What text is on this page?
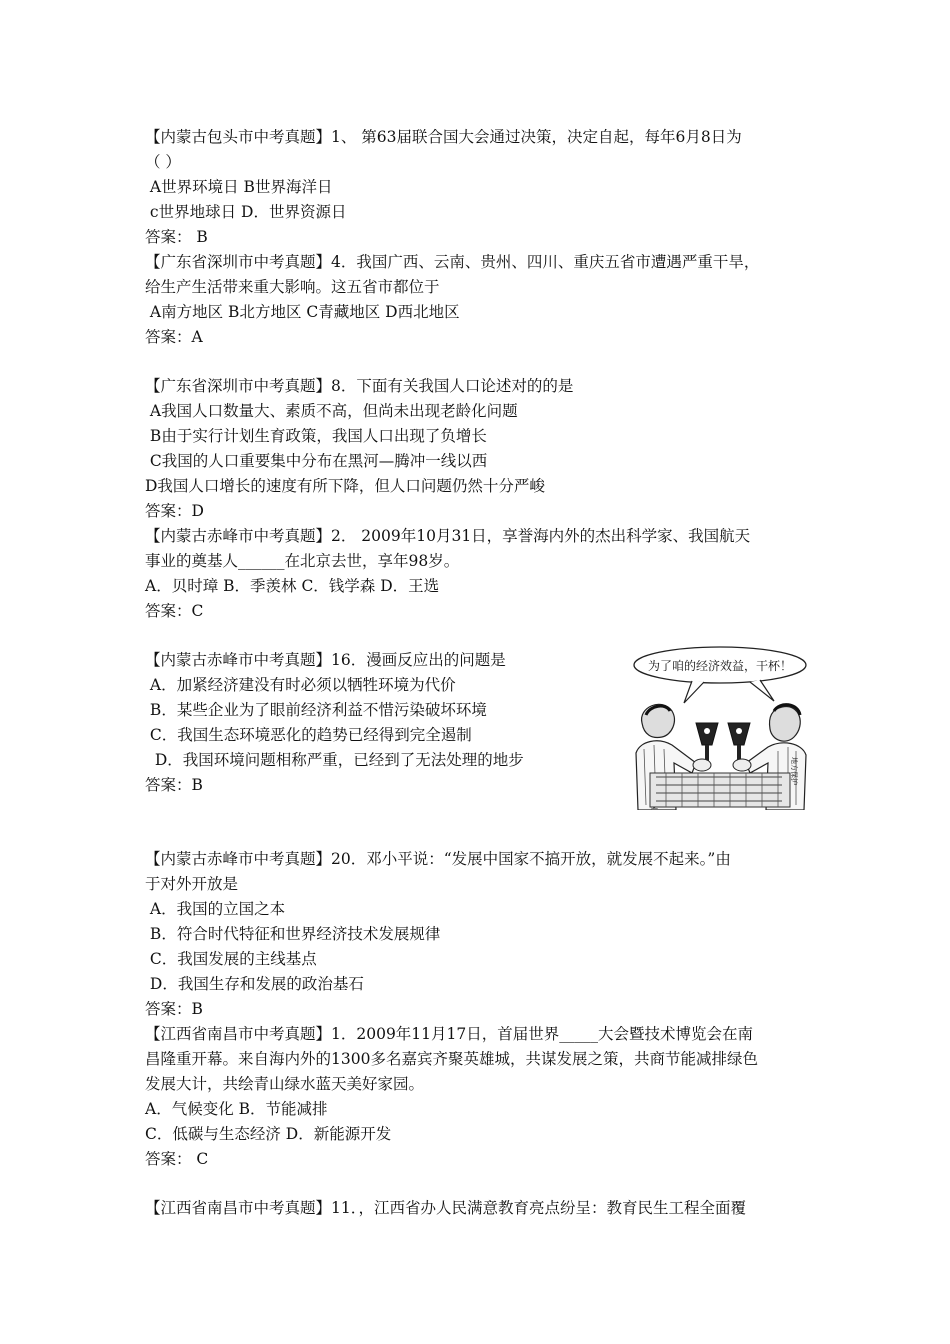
【内蒙古包头市中考真题】1、 第63届联合国大会通过决策，决定自起，每年6月8日为
（ ）
A世界环境日 B世界海洋日
c世界地球日 D．世界资源日
答案： B
【广东省深圳市中考真题】4．我国广西、云南、贵州、四川、重庆五省市遭遇严重干旱，
给生产生活带来重大影响。这五省市都位于
A南方地区 B北方地区 C青藏地区 D西北地区
答案：A
【广东省深圳市中考真题】8．下面有关我国人口论述对的的是
A我国人口数量大、素质不高，但尚未出现老龄化问题
B由于实行计划生育政策，我国人口出现了负增长
C我国的人口重要集中分布在黑河—腾冲一线以西
D我国人口增长的速度有所下降，但人口问题仍然十分严峻
答案：D
【内蒙古赤峰市中考真题】2． 2009年10月31日，享誉海内外的杰出科学家、我国航天
事业的奠基人______在北京去世，享年98岁。
A．贝时璋 B．季羡林 C．钱学森 D．王选
答案：C
【内蒙古赤峰市中考真题】16．漫画反应出的问题是
A．加紧经济建没有时必须以牺牲环境为代价
B．某些企业为了眼前经济利益不惜污染破坏环境
C．我国生态环境恶化的趋势已经得到完全遏制
D．我国环境问题相称严重，已经到了无法处理的地步
答案：B
【内蒙古赤峰市中考真题】20．邓小平说：“发展中国家不搞开放，就发展不起来。”由
于对外开放是
A．我国的立国之本
B．符合时代特征和世界经济技术发展规律
C．我国发展的主线基点
D．我国生存和发展的政治基石
答案：B
【江西省南昌市中考真题】1．2009年11月17日，首届世界_____大会暨技术博览会在南
昌隆重开幕。来自海内外的1300多名嘉宾齐聚英雄城，共谋发展之策，共商节能减排绿色
发展大计，共绘青山绿水蓝天美好家园。
A．气候变化 B．节能减排
C．低碳与生态经济 D．新能源开发
答案： C
【江西省南昌市中考真题】11．，江西省办人民满意教育亮点纷呈：教育民生工程全面覆
为了咱的经济效益，干杯！
地方保护
